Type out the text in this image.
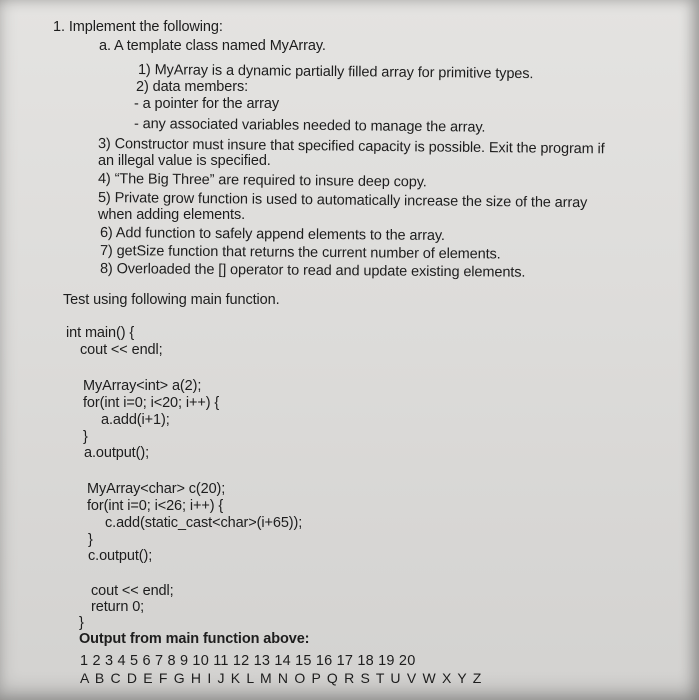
1. Implement the following:
a. A template class named MyArray.
1) MyArray is a dynamic partially filled array for primitive types.
2) data members:
- a pointer for the array
- any associated variables needed to manage the array.
3) Constructor must insure that specified capacity is possible. Exit the program if
an illegal value is specified.
4) “The Big Three” are required to insure deep copy.
5) Private grow function is used to automatically increase the size of the array
when adding elements.
6) Add function to safely append elements to the array.
7) getSize function that returns the current number of elements.
8) Overloaded the [] operator to read and update existing elements.
Test using following main function.
int main() {
cout << endl;
MyArray<int> a(2);
for(int i=0; i<20; i++) {
a.add(i+1);
}
a.output();
MyArray<char> c(20);
for(int i=0; i<26; i++) {
c.add(static_cast<char>(i+65));
}
c.output();
cout << endl;
return 0;
}
Output from main function above:
1 2 3 4 5 6 7 8 9 10 11 12 13 14 15 16 17 18 19 20
A B C D E F G H I J K L M N O P Q R S T U V W X Y Z
